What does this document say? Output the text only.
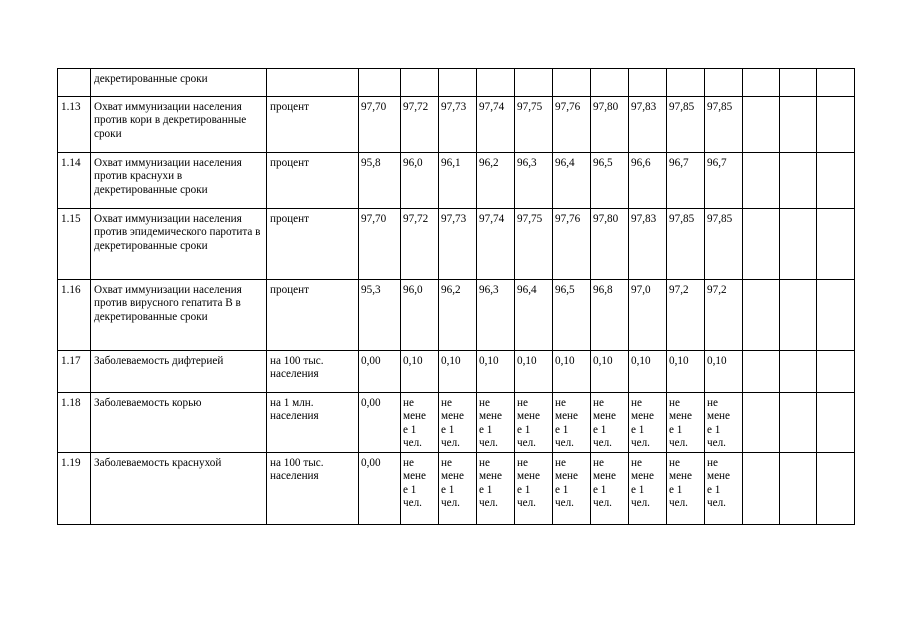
	декретированные сроки														

1.13	Охват иммунизации населения против кори в декретированные сроки	процент	97,70	97,72	97,73	97,74	97,75	97,76	97,80	97,83	97,85	97,85			

1.14	Охват иммунизации населения против краснухи в декретированные сроки	процент	95,8	96,0	96,1	96,2	96,3	96,4	96,5	96,6	96,7	96,7			

1.15	Охват иммунизации населения против эпидемического паротита в декретированные сроки	процент	97,70	97,72	97,73	97,74	97,75	97,76	97,80	97,83	97,85	97,85			

1.16	Охват иммунизации населения против вирусного гепатита В в декретированные сроки	процент	95,3	96,0	96,2	96,3	96,4	96,5	96,8	97,0	97,2	97,2			

1.17	Заболеваемость дифтерией	на 100 тыс. населения	0,00	0,10	0,10	0,10	0,10	0,10	0,10	0,10	0,10	0,10			

1.18	Заболеваемость корью	на 1 млн. населения	0,00	не
мене
е 1
чел.	не
мене
е 1
чел.	не
мене
е 1
чел.	не
мене
е 1
чел.	не
мене
е 1
чел.	не
мене
е 1
чел.	не
мене
е 1
чел.	не
мене
е 1
чел.	не
мене
е 1
чел.			

1.19	Заболеваемость краснухой	на 100 тыс. населения	0,00	не
мене
е 1
чел.	не
мене
е 1
чел.	не
мене
е 1
чел.	не
мене
е 1
чел.	не
мене
е 1
чел.	не
мене
е 1
чел.	не
мене
е 1
чел.	не
мене
е 1
чел.	не
мене
е 1
чел.			
